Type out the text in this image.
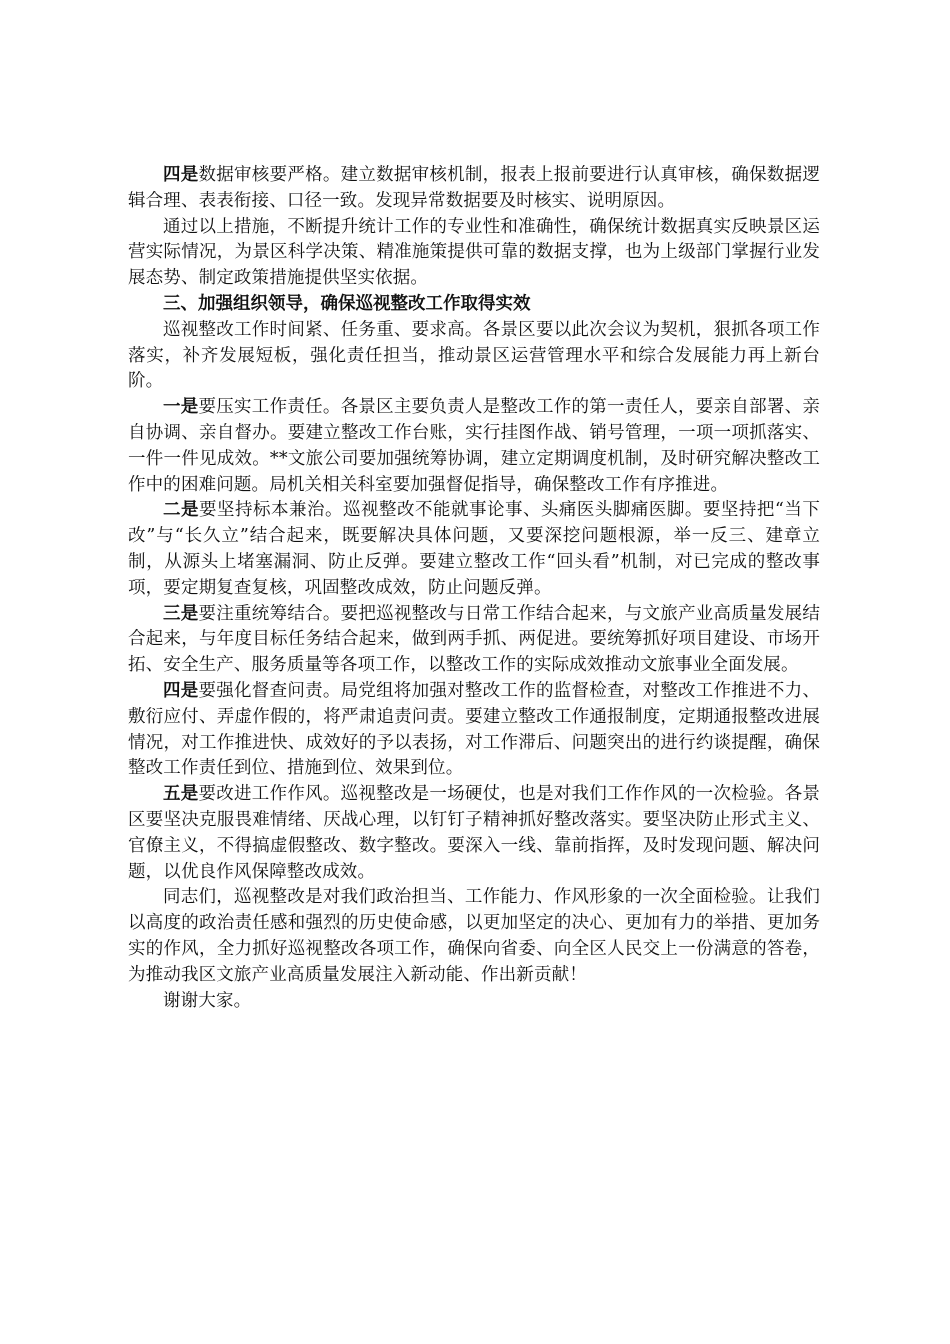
四是数据审核要严格。建立数据审核机制，报表上报前要进行认真审核，确保数据逻辑合理、表表衔接、口径一致。发现异常数据要及时核实、说明原因。

通过以上措施，不断提升统计工作的专业性和准确性，确保统计数据真实反映景区运营实际情况，为景区科学决策、精准施策提供可靠的数据支撑，也为上级部门掌握行业发展态势、制定政策措施提供坚实依据。

三、加强组织领导，确保巡视整改工作取得实效

巡视整改工作时间紧、任务重、要求高。各景区要以此次会议为契机，狠抓各项工作落实，补齐发展短板，强化责任担当，推动景区运营管理水平和综合发展能力再上新台阶。

一是要压实工作责任。各景区主要负责人是整改工作的第一责任人，要亲自部署、亲自协调、亲自督办。要建立整改工作台账，实行挂图作战、销号管理，一项一项抓落实、一件一件见成效。**文旅公司要加强统筹协调，建立定期调度机制，及时研究解决整改工作中的困难问题。局机关相关科室要加强督促指导，确保整改工作有序推进。

二是要坚持标本兼治。巡视整改不能就事论事、头痛医头脚痛医脚。要坚持把“当下改”与“长久立”结合起来，既要解决具体问题，又要深挖问题根源，举一反三、建章立制，从源头上堵塞漏洞、防止反弹。要建立整改工作“回头看”机制，对已完成的整改事项，要定期复查复核，巩固整改成效，防止问题反弹。

三是要注重统筹结合。要把巡视整改与日常工作结合起来，与文旅产业高质量发展结合起来，与年度目标任务结合起来，做到两手抓、两促进。要统筹抓好项目建设、市场开拓、安全生产、服务质量等各项工作，以整改工作的实际成效推动文旅事业全面发展。

四是要强化督查问责。局党组将加强对整改工作的监督检查，对整改工作推进不力、敷衍应付、弄虚作假的，将严肃追责问责。要建立整改工作通报制度，定期通报整改进展情况，对工作推进快、成效好的予以表扬，对工作滞后、问题突出的进行约谈提醒，确保整改工作责任到位、措施到位、效果到位。

五是要改进工作作风。巡视整改是一场硬仗，也是对我们工作作风的一次检验。各景区要坚决克服畏难情绪、厌战心理，以钉钉子精神抓好整改落实。要坚决防止形式主义、官僚主义，不得搞虚假整改、数字整改。要深入一线、靠前指挥，及时发现问题、解决问题，以优良作风保障整改成效。

同志们，巡视整改是对我们政治担当、工作能力、作风形象的一次全面检验。让我们以高度的政治责任感和强烈的历史使命感，以更加坚定的决心、更加有力的举措、更加务实的作风，全力抓好巡视整改各项工作，确保向省委、向全区人民交上一份满意的答卷，为推动我区文旅产业高质量发展注入新动能、作出新贡献！

谢谢大家。
